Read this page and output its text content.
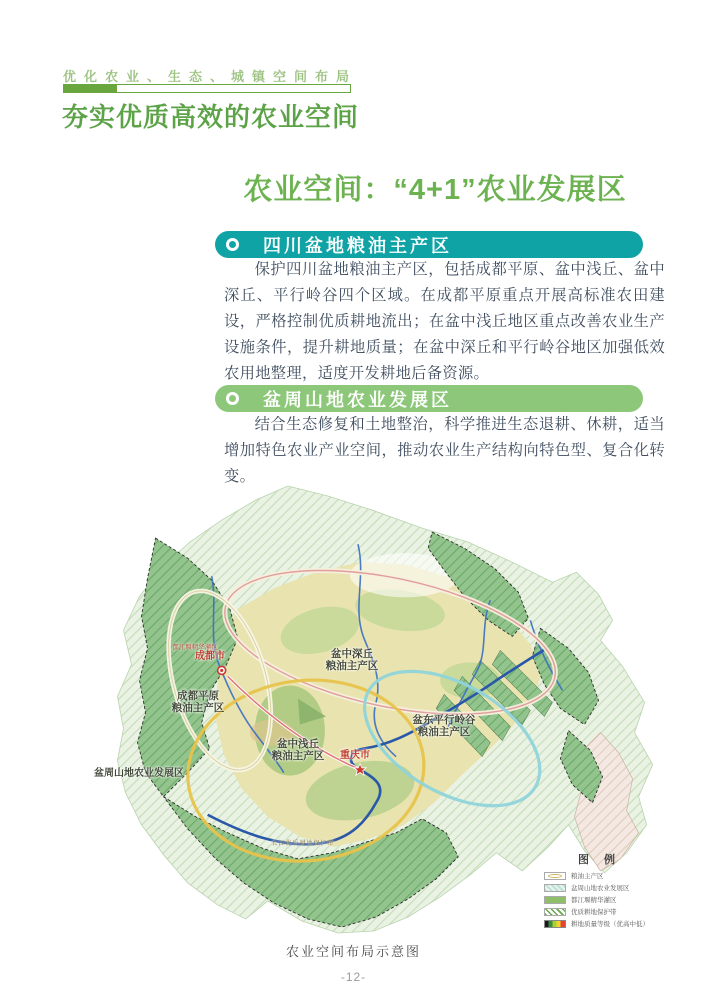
优化农业、生态、城镇空间布局
夯实优质高效的农业空间
农业空间：“4+1”农业发展区
四川盆地粮油主产区

保护四川盆地粮油主产区，包括成都平原、盆中浅丘、盆中深丘、平行岭谷四个区域。在成都平原重点开展高标准农田建设，严格控制优质耕地流出；在盆中浅丘地区重点改善农业生产设施条件，提升耕地质量；在盆中深丘和平行岭谷地区加强低效农用地整理，适度开发耕地后备资源。

盆周山地农业发展区

结合生态修复和土地整治，科学推进生态退耕、休耕，适当增加特色农业产业空间，推动农业生产结构向特色型、复合化转变。

都江堰精华灌区
成都市
重庆市
成都平原
粮油主产区
盆中深丘
粮油主产区
盆中浅丘
粮油主产区
盆东平行岭谷
粮油主产区
盆周山地农业发展区
长江优质耕地保护带
图 例
粮油主产区
盆周山地农业发展区
都江堰精华灌区
优质耕地保护带
耕地质量等级（优高中低）
农业空间布局示意图
-12-
